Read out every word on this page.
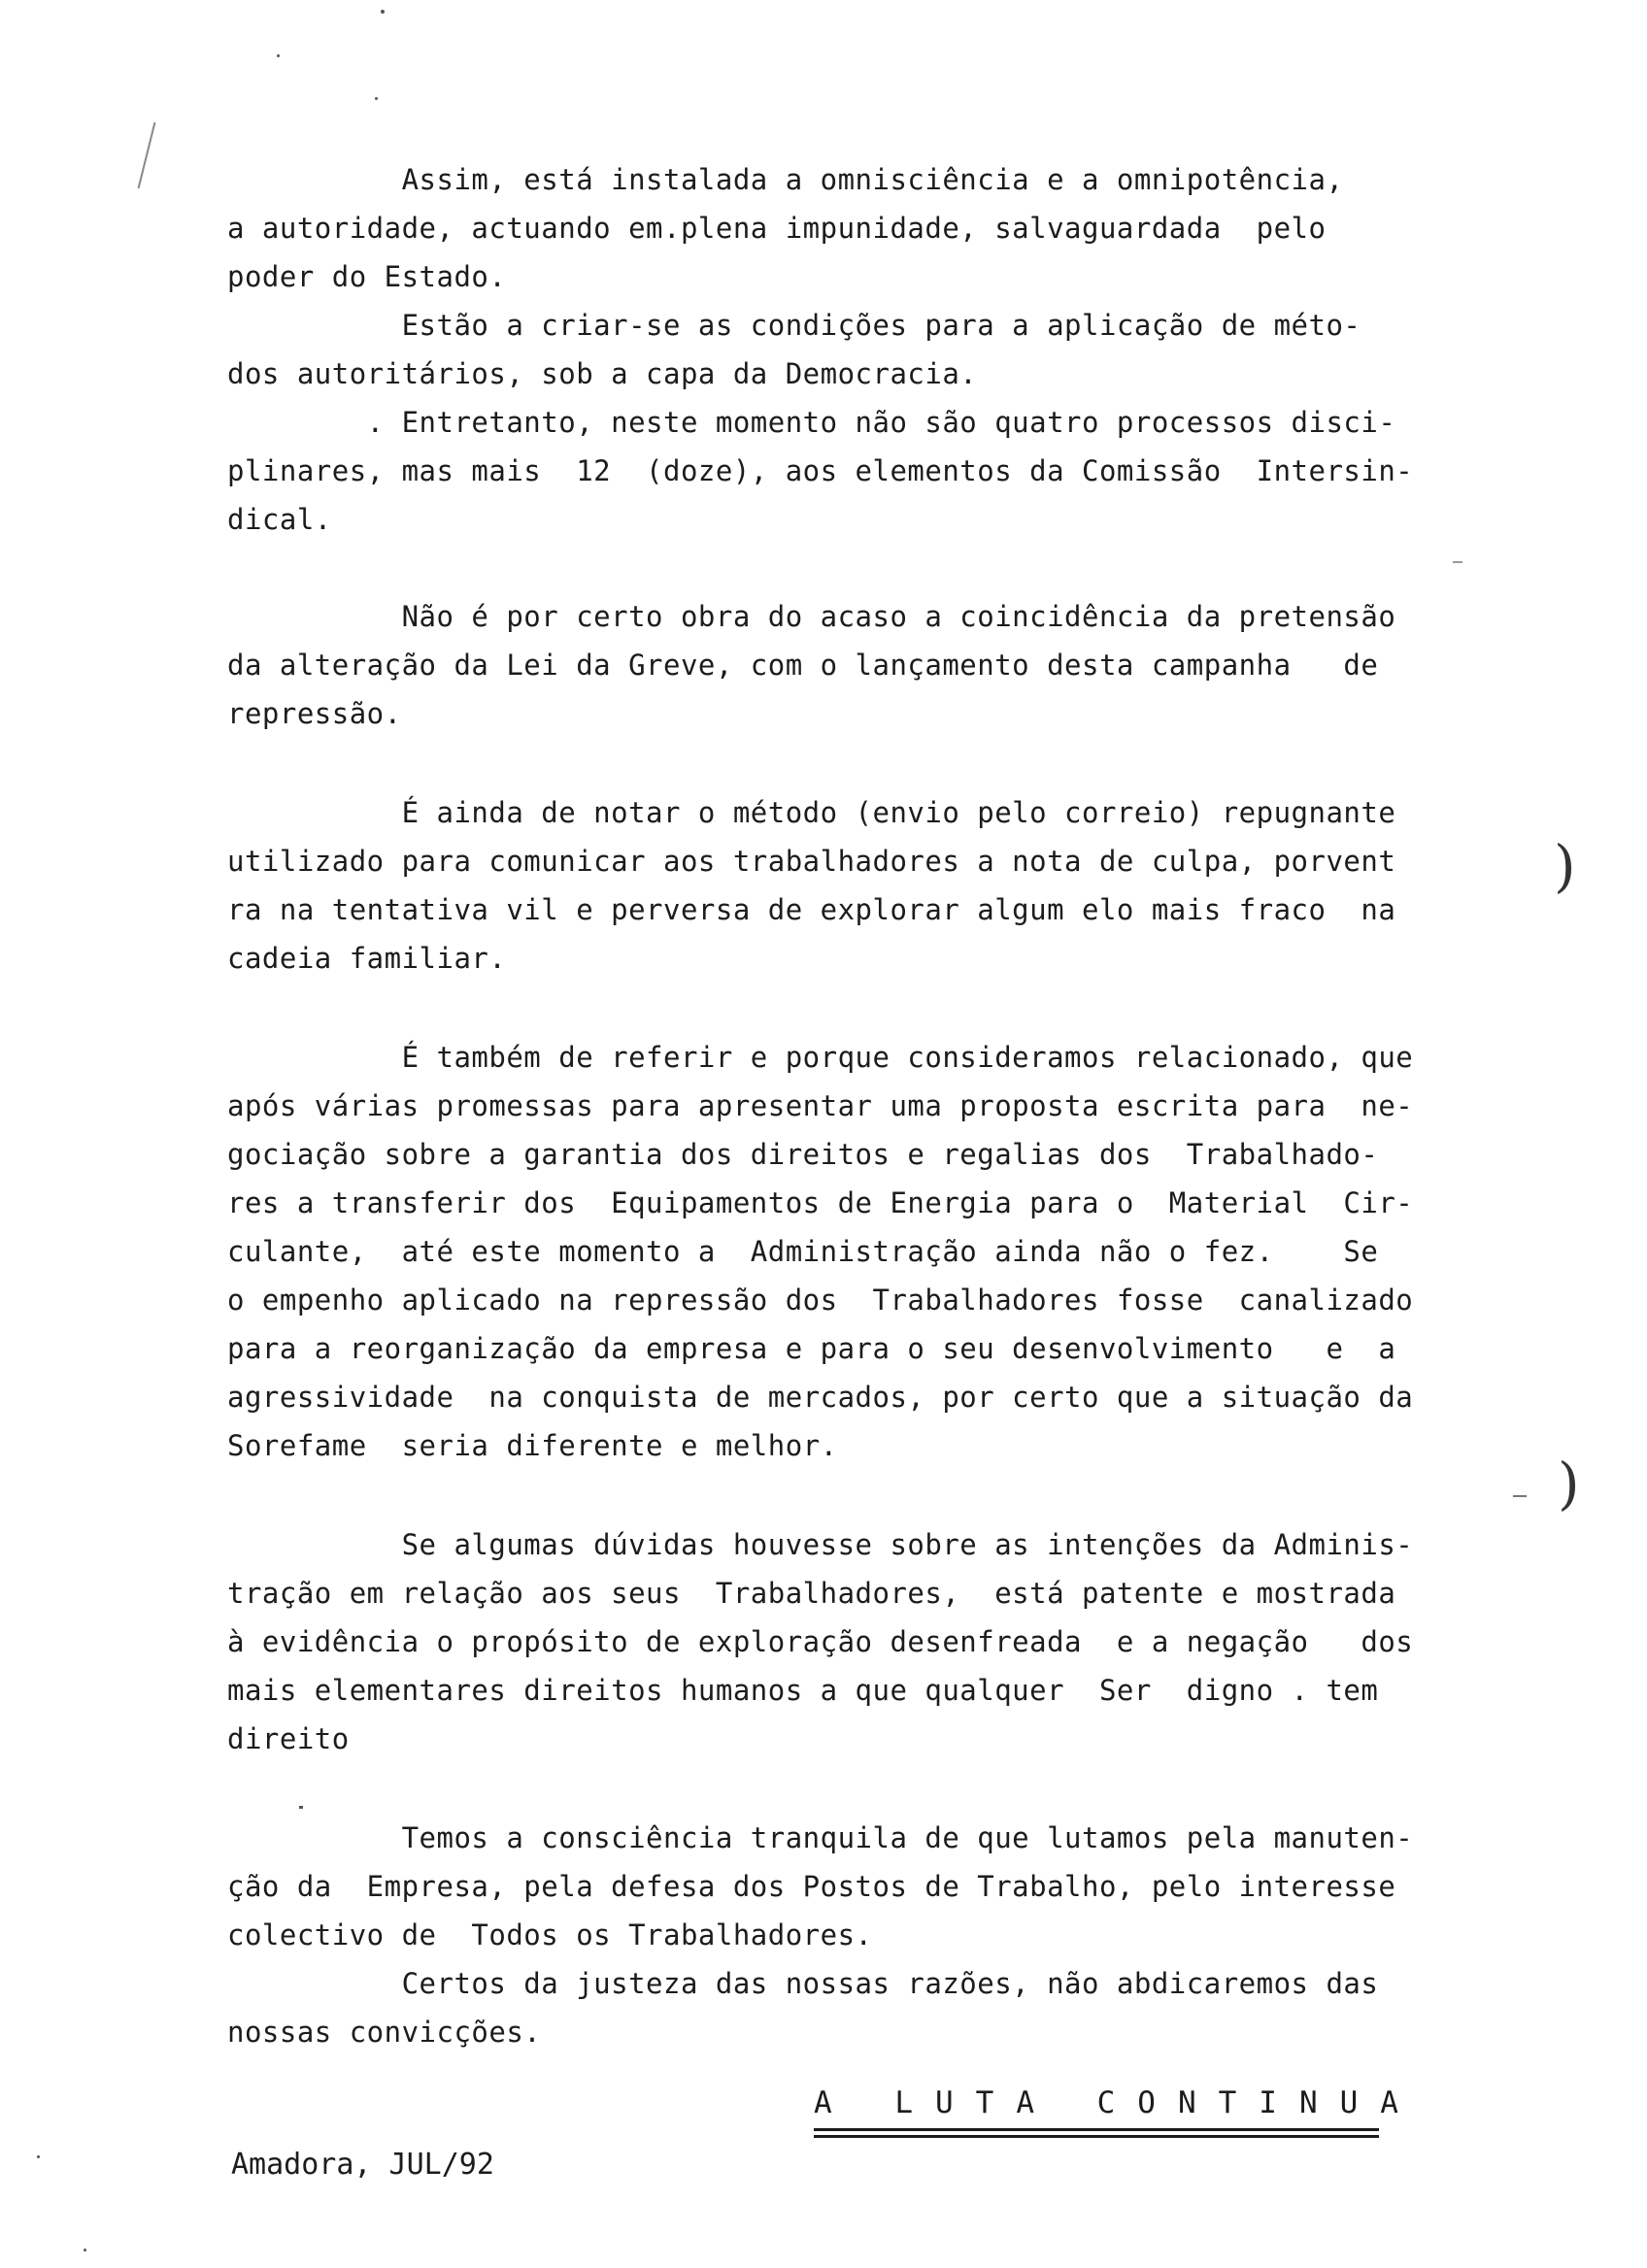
Assim, está instalada a omnisciência e a omnipotência,
a autoridade, actuando em.plena impunidade, salvaguardada  pelo
poder do Estado.
Estão a criar-se as condições para a aplicação de méto-
dos autoritários, sob a capa da Democracia.
. Entretanto, neste momento não são quatro processos disci-
plinares, mas mais  12  (doze), aos elementos da Comissão  Intersin-
dical.
Não é por certo obra do acaso a coincidência da pretensão
da alteração da Lei da Greve, com o lançamento desta campanha   de
repressão.
É ainda de notar o método (envio pelo correio) repugnante
utilizado para comunicar aos trabalhadores a nota de culpa, porvent
ra na tentativa vil e perversa de explorar algum elo mais fraco  na
cadeia familiar.
É também de referir e porque consideramos relacionado, que
após várias promessas para apresentar uma proposta escrita para  ne-
gociação sobre a garantia dos direitos e regalias dos  Trabalhado-
res a transferir dos  Equipamentos de Energia para o  Material  Cir-
culante,  até este momento a  Administração ainda não o fez.    Se
o empenho aplicado na repressão dos  Trabalhadores fosse  canalizado
para a reorganização da empresa e para o seu desenvolvimento   e  a
agressividade  na conquista de mercados, por certo que a situação da
Sorefame  seria diferente e melhor.
Se algumas dúvidas houvesse sobre as intenções da Adminis-
tração em relação aos seus  Trabalhadores,  está patente e mostrada
à evidência o propósito de exploração desenfreada  e a negação   dos
mais elementares direitos humanos a que qualquer  Ser  digno . tem
direito
Temos a consciência tranquila de que lutamos pela manuten-
ção da  Empresa, pela defesa dos Postos de Trabalho, pelo interesse
colectivo de  Todos os Trabalhadores.
Certos da justeza das nossas razões, não abdicaremos das
nossas convicções.
Amadora, JUL/92
A LUTA CONTINUA
)
)
